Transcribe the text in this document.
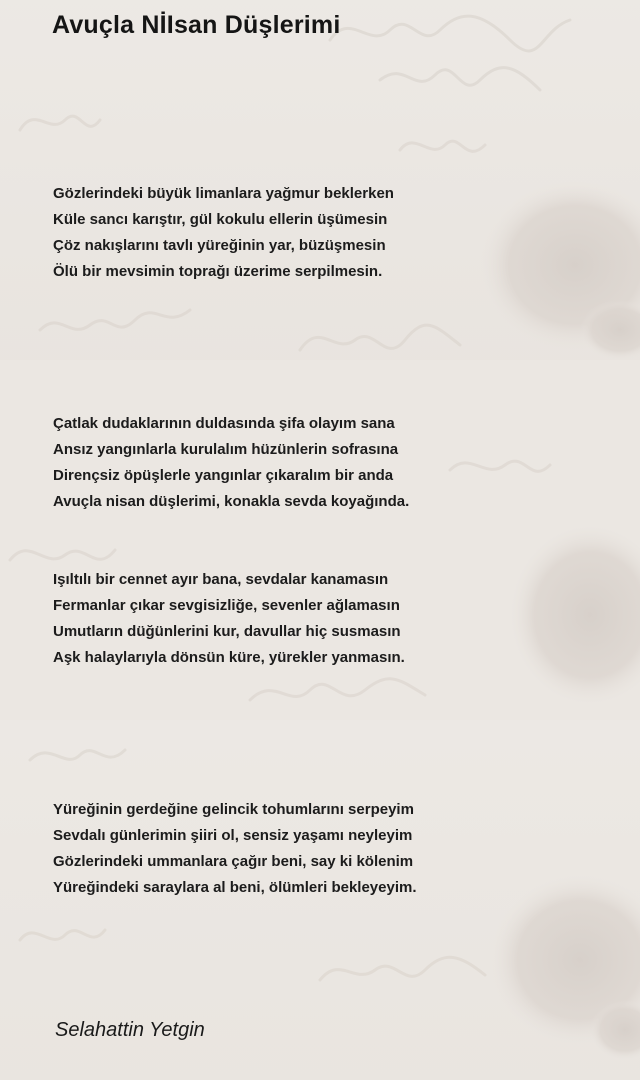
Avuçla NİIsan Düşlerimi
Gözlerindeki büyük limanlara yağmur beklerken
Küle sancı karıştır, gül kokulu ellerin üşümesin
Çöz nakışlarını tavlı yüreğinin yar, büzüşmesin
Ölü bir mevsimin toprağı üzerime serpilmesin.
Çatlak dudaklarının duldasında şifa olayım sana
Ansız yangınlarla kurulalım hüzünlerin sofrasına
Dirençsiz öpüşlerle yangınlar çıkaralım bir anda
Avuçla nisan düşlerimi, konakla sevda koyağında.
Işıltılı bir cennet ayır bana, sevdalar kanamasın
Fermanlar çıkar sevgisizliğe, sevenler ağlamasın
Umutların düğünlerini kur, davullar hiç susmasın
Aşk halaylarıyla dönsün küre, yürekler yanmasın.
Yüreğinin gerdeğine gelincik tohumlarını serpeyim
Sevdalı günlerimin şiiri ol, sensiz yaşamı neyleyim
Gözlerindeki ummanlara çağır beni, say ki kölenim
Yüreğindeki saraylara al beni, ölümleri bekleyeyim.
Selahattin Yetgin
